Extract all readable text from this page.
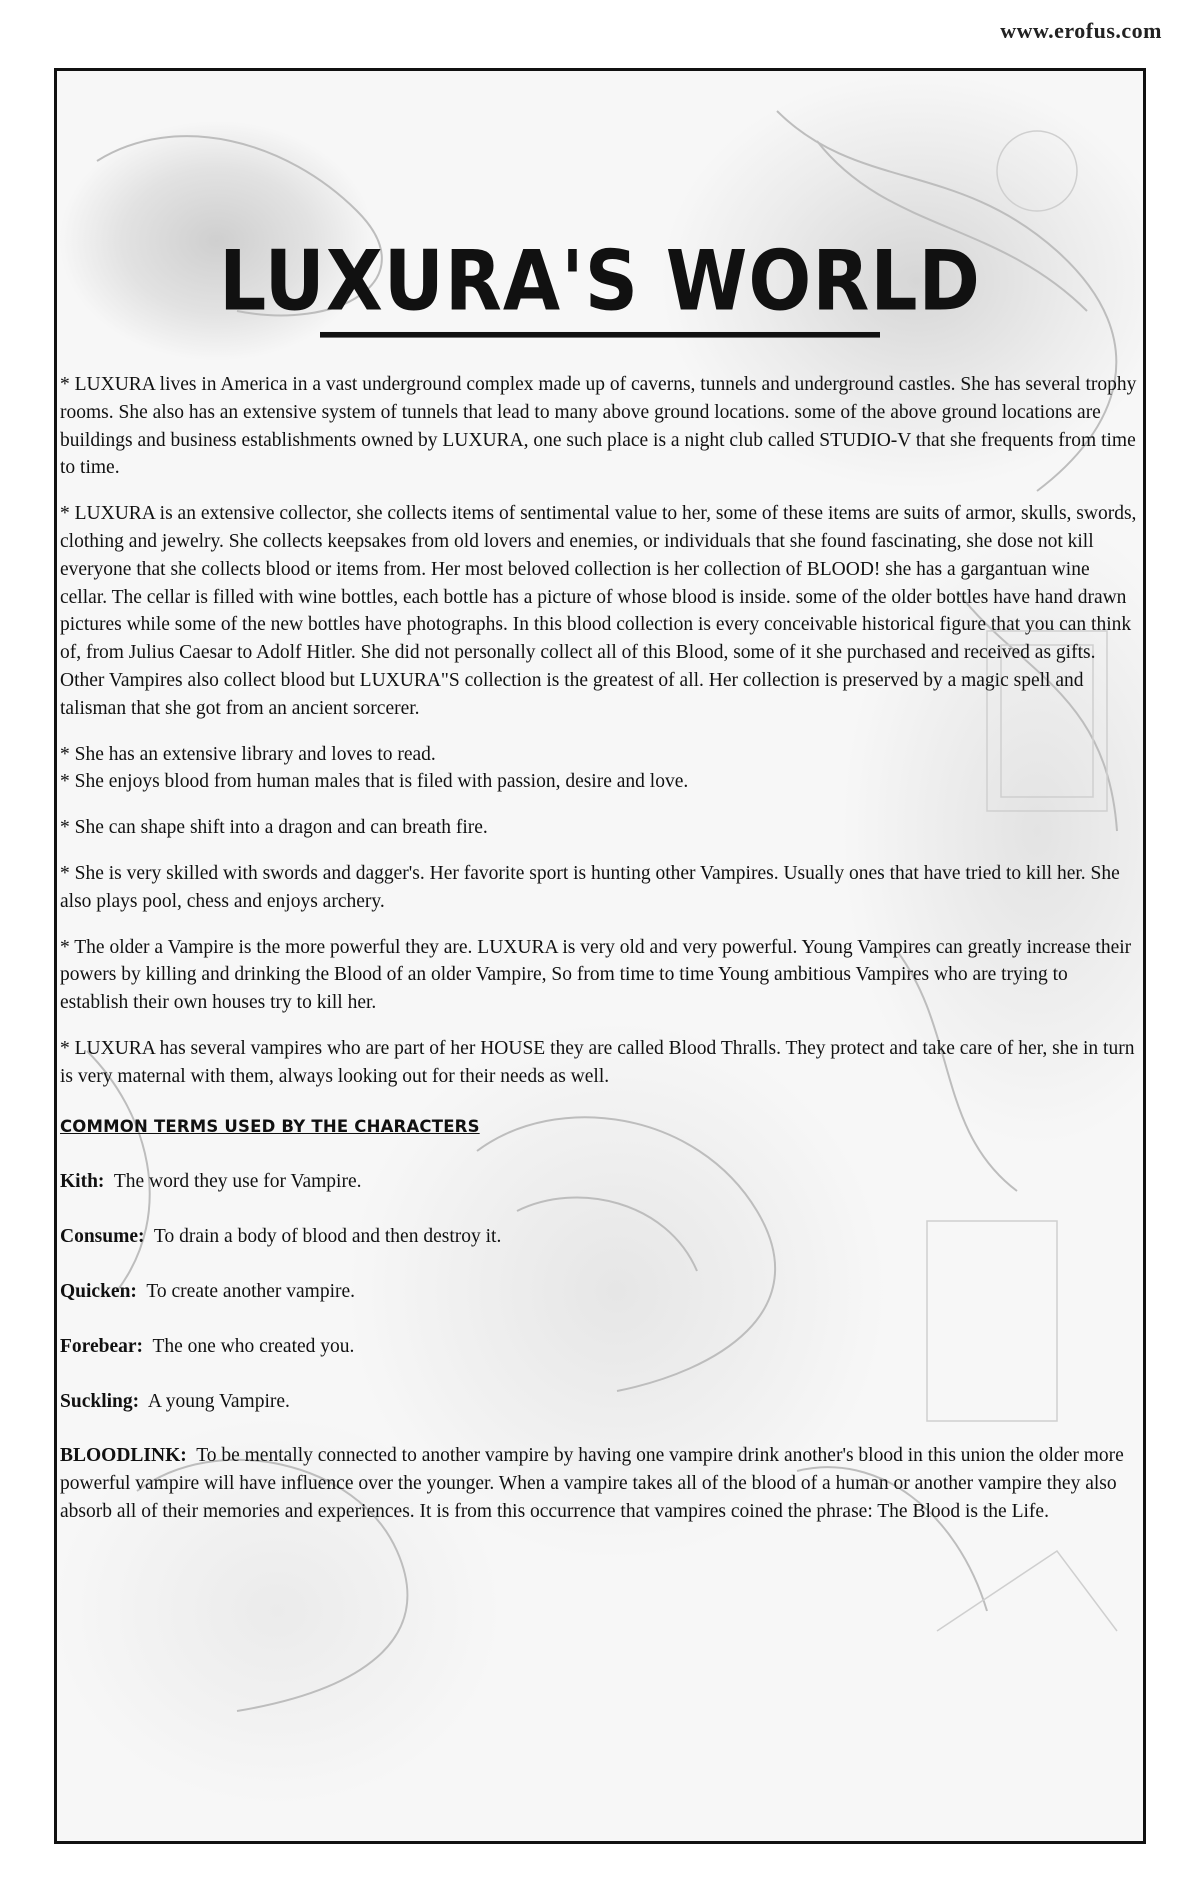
www.erofus.com
LUXURA'S WORLD

* LUXURA lives in America in a vast underground complex made up of caverns, tunnels and underground castles. She has several trophy rooms. She also has an extensive system of tunnels that lead to many above ground locations. some of the above ground locations are buildings and business establishments owned by LUXURA, one such place is a night club called STUDIO-V that she frequents from time to time.

* LUXURA is an extensive collector, she collects items of sentimental value to her, some of these items are suits of armor, skulls, swords, clothing and jewelry. She collects keepsakes from old lovers and enemies, or individuals that she found fascinating, she dose not kill everyone that she collects blood or items from. Her most beloved collection is her collection of BLOOD! she has a gargantuan wine cellar. The cellar is filled with wine bottles, each bottle has a picture of whose blood is inside. some of the older bottles have hand drawn pictures while some of the new bottles have photographs. In this blood collection is every conceivable historical figure that you can think of, from Julius Caesar to Adolf Hitler. She did not personally collect all of this Blood, some of it she purchased and received as gifts. Other Vampires also collect blood but LUXURA"S collection is the greatest of all. Her collection is preserved by a magic spell and talisman that she got from an ancient sorcerer.

* She has an extensive library and loves to read.

* She enjoys blood from human males that is filed with passion, desire and love.

* She can shape shift into a dragon and can breath fire.

* She is very skilled with swords and dagger's. Her favorite sport is hunting other Vampires. Usually ones that have tried to kill her. She also plays pool, chess and enjoys archery.

* The older a Vampire is the more powerful they are. LUXURA is very old and very powerful. Young Vampires can greatly increase their powers by killing and drinking the Blood of an older Vampire, So from time to time Young ambitious Vampires who are trying to establish their own houses try to kill her.

* LUXURA has several vampires who are part of her HOUSE they are called Blood Thralls. They protect and take care of her, she in turn is very maternal with them, always looking out for their needs as well.

COMMON TERMS USED BY THE CHARACTERS

Kith: The word they use for Vampire.

Consume: To drain a body of blood and then destroy it.

Quicken: To create another vampire.

Forebear: The one who created you.

Suckling: A young Vampire.

BLOODLINK: To be mentally connected to another vampire by having one vampire drink another's blood in this union the older more powerful vampire will have influence over the younger. When a vampire takes all of the blood of a human or another vampire they also absorb all of their memories and experiences. It is from this occurrence that vampires coined the phrase: The Blood is the Life.
